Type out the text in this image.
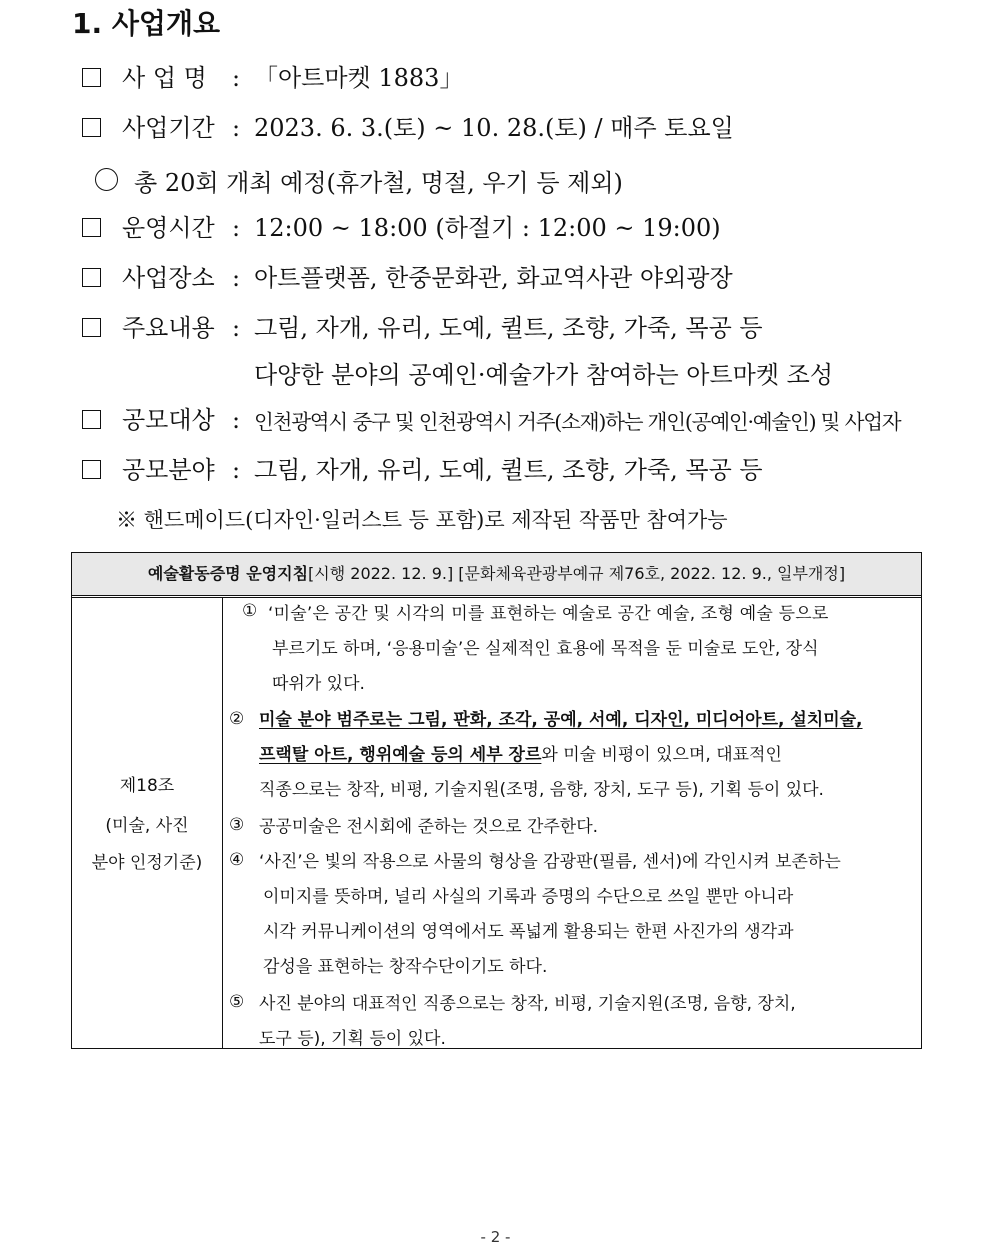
1. 사업개요
사 업 명 : 「아트마켓 1883」
사업기간 : 2023. 6. 3.(토) ~ 10. 28.(토) / 매주 토요일
총 20회 개최 예정(휴가철, 명절, 우기 등 제외)
운영시간 : 12:00 ~ 18:00 (하절기 : 12:00 ~ 19:00)
사업장소 : 아트플랫폼, 한중문화관, 화교역사관 야외광장
주요내용 : 그림, 자개, 유리, 도예, 퀼트, 조향, 가죽, 목공 등
다양한 분야의 공예인·예술가가 참여하는 아트마켓 조성
공모대상 : 인천광역시 중구 및 인천광역시 거주(소재)하는 개인(공예인·예술인) 및 사업자
공모분야 : 그림, 자개, 유리, 도예, 퀼트, 조향, 가죽, 목공 등
※ 핸드메이드(디자인·일러스트 등 포함)로 제작된 작품만 참여가능
예술활동증명 운영지침[시행 2022. 12. 9.] [문화체육관광부예규 제76호, 2022. 12. 9., 일부개정]
제18조
(미술, 사진
분야 인정기준)
① ‘미술’은 공간 및 시각의 미를 표현하는 예술로 공간 예술, 조형 예술 등으로
부르기도 하며, ‘응용미술’은 실제적인 효용에 목적을 둔 미술로 도안, 장식
따위가 있다.
② 미술 분야 범주로는 그림, 판화, 조각, 공예, 서예, 디자인, 미디어아트, 설치미술,
프랙탈 아트, 행위예술 등의 세부 장르와 미술 비평이 있으며, 대표적인
직종으로는 창작, 비평, 기술지원(조명, 음향, 장치, 도구 등), 기획 등이 있다.
③ 공공미술은 전시회에 준하는 것으로 간주한다.
④ ‘사진’은 빛의 작용으로 사물의 형상을 감광판(필름, 센서)에 각인시켜 보존하는
이미지를 뜻하며, 널리 사실의 기록과 증명의 수단으로 쓰일 뿐만 아니라
시각 커뮤니케이션의 영역에서도 폭넓게 활용되는 한편 사진가의 생각과
감성을 표현하는 창작수단이기도 하다.
⑤ 사진 분야의 대표적인 직종으로는 창작, 비평, 기술지원(조명, 음향, 장치,
도구 등), 기획 등이 있다.
- 2 -
